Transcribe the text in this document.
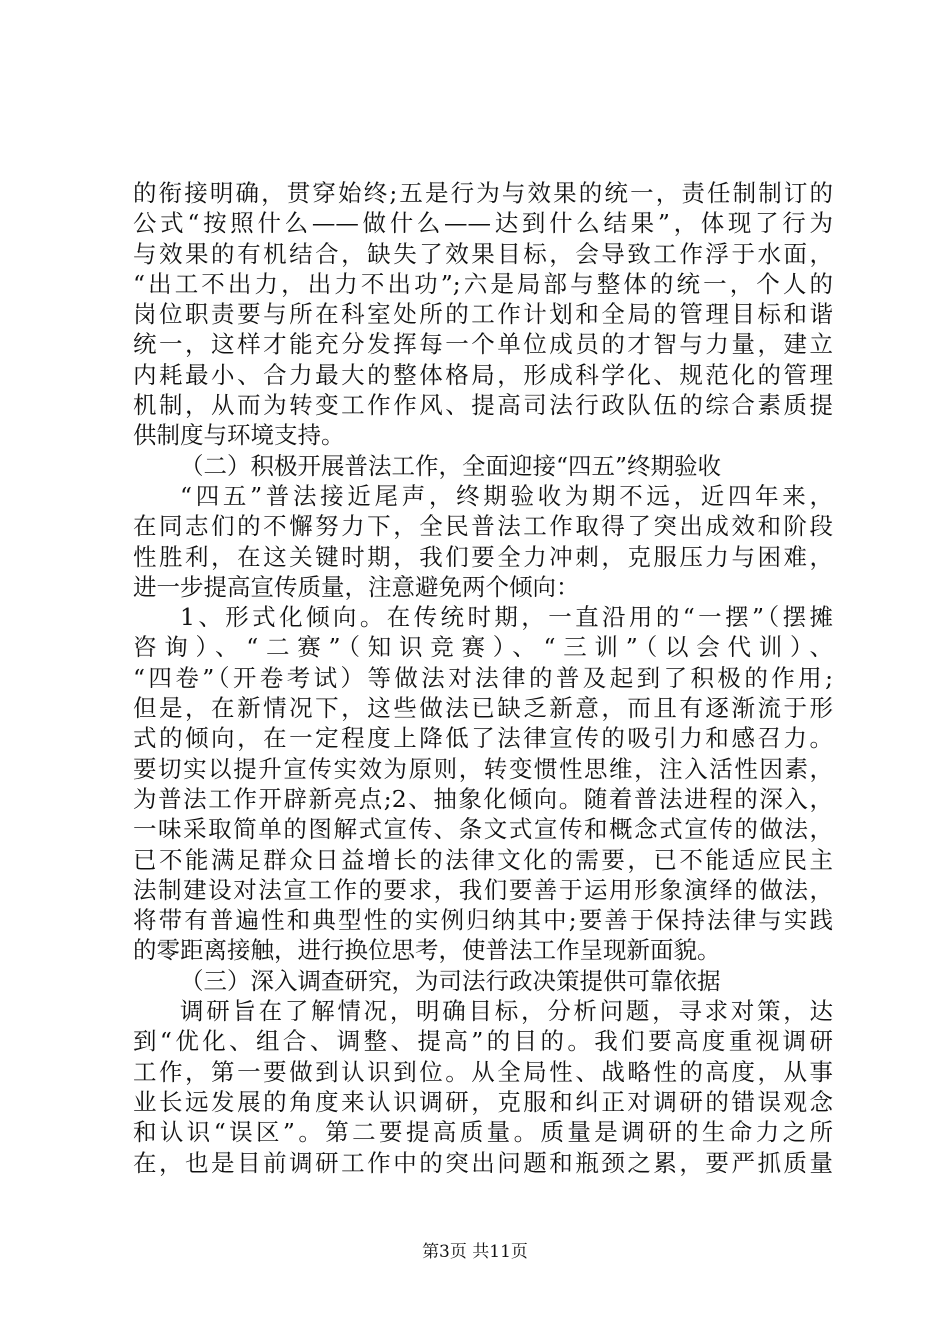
的衔接明确，贯穿始终;五是行为与效果的统一，责任制制订的
公式“按照什么——做什么——达到什么结果”，体现了行为
与效果的有机结合，缺失了效果目标，会导致工作浮于水面，
“出工不出力，出力不出功”;六是局部与整体的统一，个人的
岗位职责要与所在科室处所的工作计划和全局的管理目标和谐
统一，这样才能充分发挥每一个单位成员的才智与力量，建立
内耗最小、合力最大的整体格局，形成科学化、规范化的管理
机制，从而为转变工作作风、提高司法行政队伍的综合素质提
供制度与环境支持。
（二）积极开展普法工作，全面迎接“四五”终期验收
“四五”普法接近尾声，终期验收为期不远，近四年来，
在同志们的不懈努力下，全民普法工作取得了突出成效和阶段
性胜利，在这关键时期，我们要全力冲刺，克服压力与困难，
进一步提高宣传质量，注意避免两个倾向：
1、形式化倾向。在传统时期，一直沿用的“一摆”（摆摊
咨询）、“二赛”（知识竞赛）、“三训”（以会代训）、
“四卷”（开卷考试）等做法对法律的普及起到了积极的作用;
但是，在新情况下，这些做法已缺乏新意，而且有逐渐流于形
式的倾向，在一定程度上降低了法律宣传的吸引力和感召力。
要切实以提升宣传实效为原则，转变惯性思维，注入活性因素，
为普法工作开辟新亮点;2、抽象化倾向。随着普法进程的深入，
一味采取简单的图解式宣传、条文式宣传和概念式宣传的做法，
已不能满足群众日益增长的法律文化的需要，已不能适应民主
法制建设对法宣工作的要求，我们要善于运用形象演绎的做法，
将带有普遍性和典型性的实例归纳其中;要善于保持法律与实践
的零距离接触，进行换位思考，使普法工作呈现新面貌。
（三）深入调查研究，为司法行政决策提供可靠依据
调研旨在了解情况，明确目标，分析问题，寻求对策，达
到“优化、组合、调整、提高”的目的。我们要高度重视调研
工作，第一要做到认识到位。从全局性、战略性的高度，从事
业长远发展的角度来认识调研，克服和纠正对调研的错误观念
和认识“误区”。第二要提高质量。质量是调研的生命力之所
在，也是目前调研工作中的突出问题和瓶颈之累，要严抓质量
第3页 共11页
